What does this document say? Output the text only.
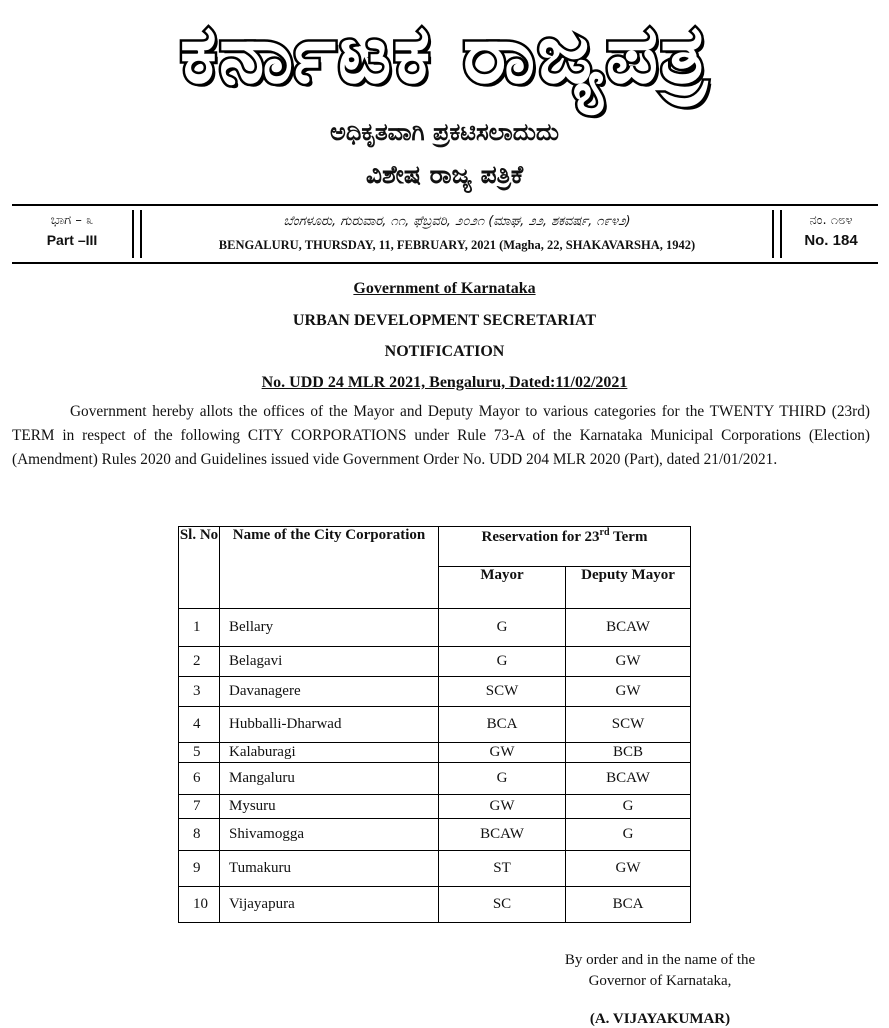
ಕರ್ನಾಟಕ ರಾಜ್ಯಪತ್ರ
ಅಧಿಕೃತವಾಗಿ ಪ್ರಕಟಿಸಲಾದುದು
ವಿಶೇಷ ರಾಜ್ಯ ಪತ್ರಿಕೆ
ಭಾಗ – ೩
Part –III
ಬೆಂಗಳೂರು, ಗುರುವಾರ, ೧೧, ಫೆಬ್ರವರಿ, ೨೦೨೧ (ಮಾಘ, ೨೨, ಶಕವರ್ಷ, ೧೯೪೨)
BENGALURU, THURSDAY, 11, FEBRUARY, 2021 (Magha, 22, SHAKAVARSHA, 1942)
ನಂ. ೧೮೪
No. 184
Government of Karnataka
URBAN DEVELOPMENT SECRETARIAT
NOTIFICATION
No. UDD 24 MLR 2021, Bengaluru, Dated:11/02/2021
Government hereby allots the offices of the Mayor and Deputy Mayor to various categories for the TWENTY THIRD (23rd) TERM in respect of the following CITY CORPORATIONS under Rule 73-A of the Karnataka Municipal Corporations (Election)(Amendment) Rules 2020 and Guidelines issued vide Government Order No. UDD 204 MLR 2020 (Part), dated 21/01/2021.
Sl. No	Name of the City Corporation	Reservation for 23rd Term	
		Mayor	Deputy Mayor
1	Bellary	G	BCAW
2	Belagavi	G	GW
3	Davanagere	SCW	GW
4	Hubballi-Dharwad	BCA	SCW
5	Kalaburagi	GW	BCB
6	Mangaluru	G	BCAW
7	Mysuru	GW	G
8	Shivamogga	BCAW	G
9	Tumakuru	ST	GW
10	Vijayapura	SC	BCA
By order and in the name of the
Governor of Karnataka,
(A. VIJAYAKUMAR)
